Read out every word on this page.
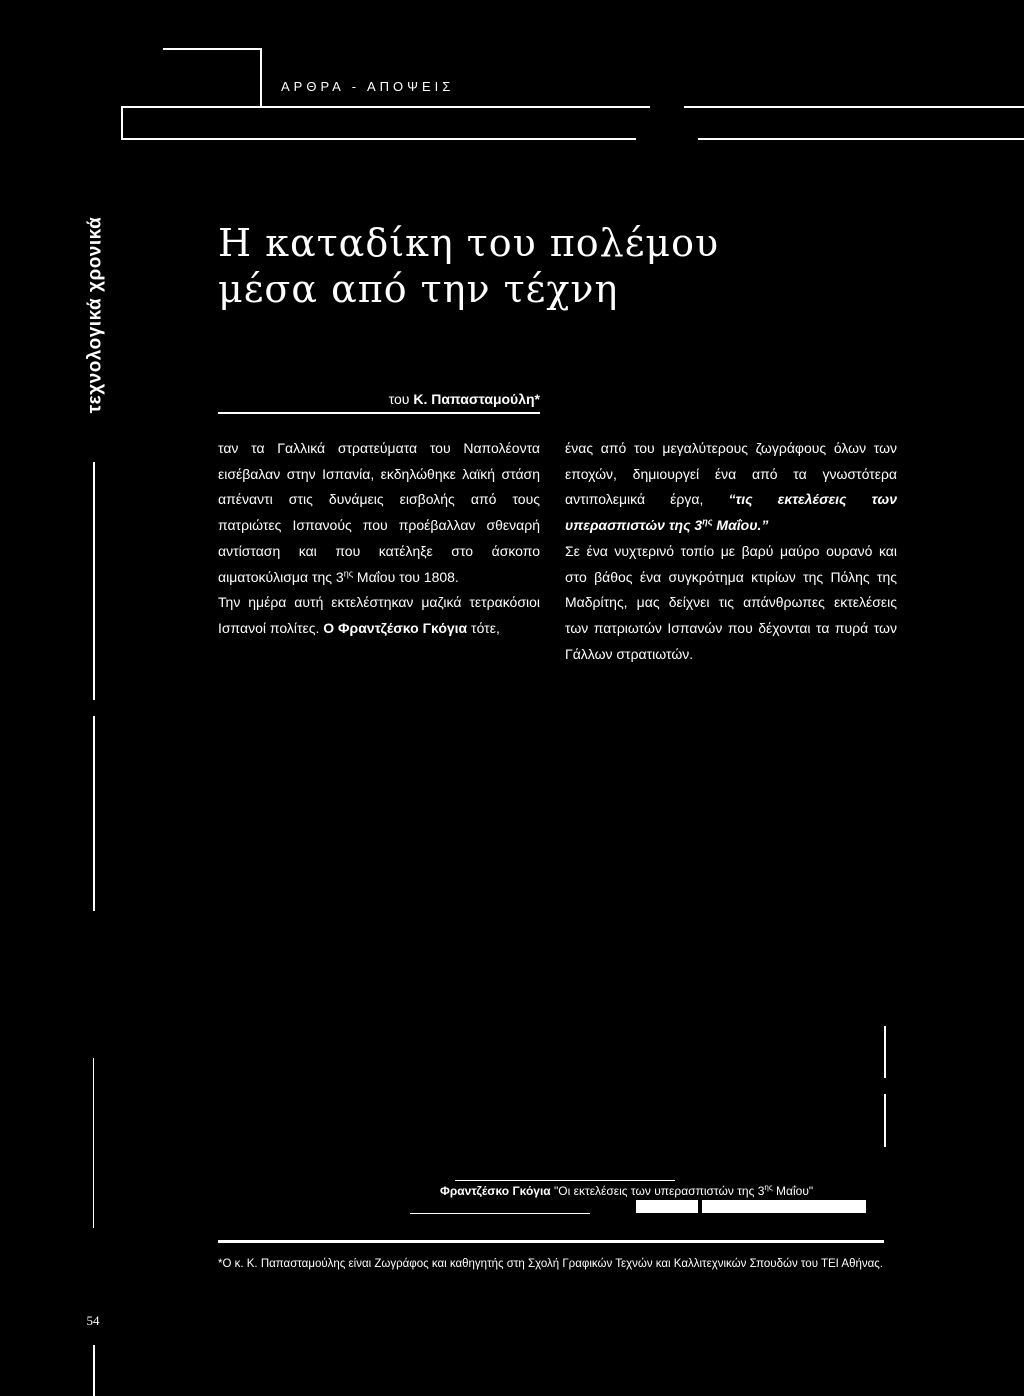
ΑΡΘΡΑ - ΑΠΟΨΕΙΣ
τεχνολογικά χρονικά	Η καταδίκη του πολέμου
μέσα από την τέχνη
του Κ. Παπασταμούλη*

ταν τα Γαλλικά στρατεύματα του Ναπολέοντα εισέβαλαν στην Ισπανία, εκδηλώθηκε λαϊκή στάση απέναντι στις δυνάμεις εισβολής από τους πατριώτες Ισπανούς που προέβαλλαν σθεναρή αντίσταση και που κατέληξε στο άσκοπο αιματοκύλισμα της $3^{\eta\varsigma}$ Μαΐου του 1808.

Την ημέρα αυτή εκτελέστηκαν μαζικά τετρακόσιοι Ισπανοί πολίτες. Ο Φραντζέσκο Γκόγια τότε,

ένας από του μεγαλύτερους ζωγράφους όλων των εποχών, δημιουργεί ένα από τα γνωστότερα αντιπολεμικά έργα, “τις εκτελέσεις των υπερασπιστών της $3^{\eta\varsigma}$ Μαΐου.”

Σε ένα νυχτερινό τοπίο με βαρύ μαύρο ουρανό και στο βάθος ένα συγκρότημα κτιρίων της Πόλης της Μαδρίτης, μας δείχνει τις απάνθρωπες εκτελέσεις των πατριωτών Ισπανών που δέχονται τα πυρά των Γάλλων στρατιωτών.

Φραντζέσκο Γκόγια "Οι εκτελέσεις των υπερασπιστών της $3^{\eta\varsigma}$ Μαΐου"
*Ο κ. Κ. Παπασταμούλης είναι Ζωγράφος και καθηγητής στη Σχολή Γραφικών Τεχνών και Καλλιτεχνικών Σπουδών του ΤΕΙ Αθήνας.
54
